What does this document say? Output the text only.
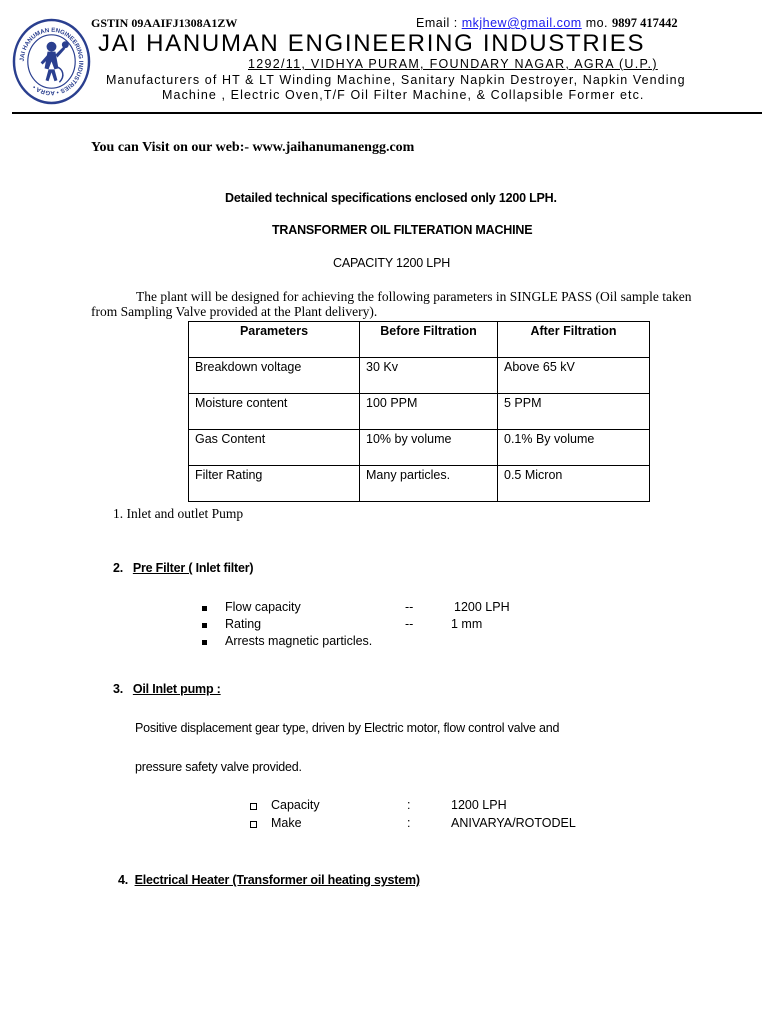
JAI HANUMAN ENGINEERING INDUSTRIES • AGRA •
GSTIN 09AAIFJ1308A1ZW	Email : mkjhew@gmail.com mo. 9897 417442
JAI HANUMAN ENGINEERING INDUSTRIES
1292/11, VIDHYA PURAM, FOUNDARY NAGAR, AGRA (U.P.)
Manufacturers of HT & LT Winding Machine, Sanitary Napkin Destroyer, Napkin Vending
Machine , Electric Oven,T/F Oil Filter Machine, & Collapsible Former etc.
You can Visit on our web:- www.jaihanumanengg.com
Detailed technical specifications enclosed only 1200 LPH.
TRANSFORMER OIL FILTERATION MACHINE
CAPACITY 1200 LPH
The plant will be designed for achieving the following parameters in SINGLE PASS (Oil sample taken
from Sampling Valve provided at the Plant delivery).
Parameters	Before Filtration	After Filtration
Breakdown voltage	30 Kv	Above 65 kV
Moisture content	100 PPM	5 PPM
Gas Content	10% by volume	0.1% By volume
Filter Rating	Many particles.	0.5 Micron
1. Inlet and outlet Pump
2. Pre Filter ( Inlet filter)
Flow capacity	--	1200 LPH
Rating	--	1 mm
Arrests magnetic particles.
3. Oil Inlet pump :
Positive displacement gear type, driven by Electric motor, flow control valve and
pressure safety valve provided.
Capacity	:	1200 LPH
Make	:	ANIVARYA/ROTODEL
4. Electrical Heater (Transformer oil heating system)
